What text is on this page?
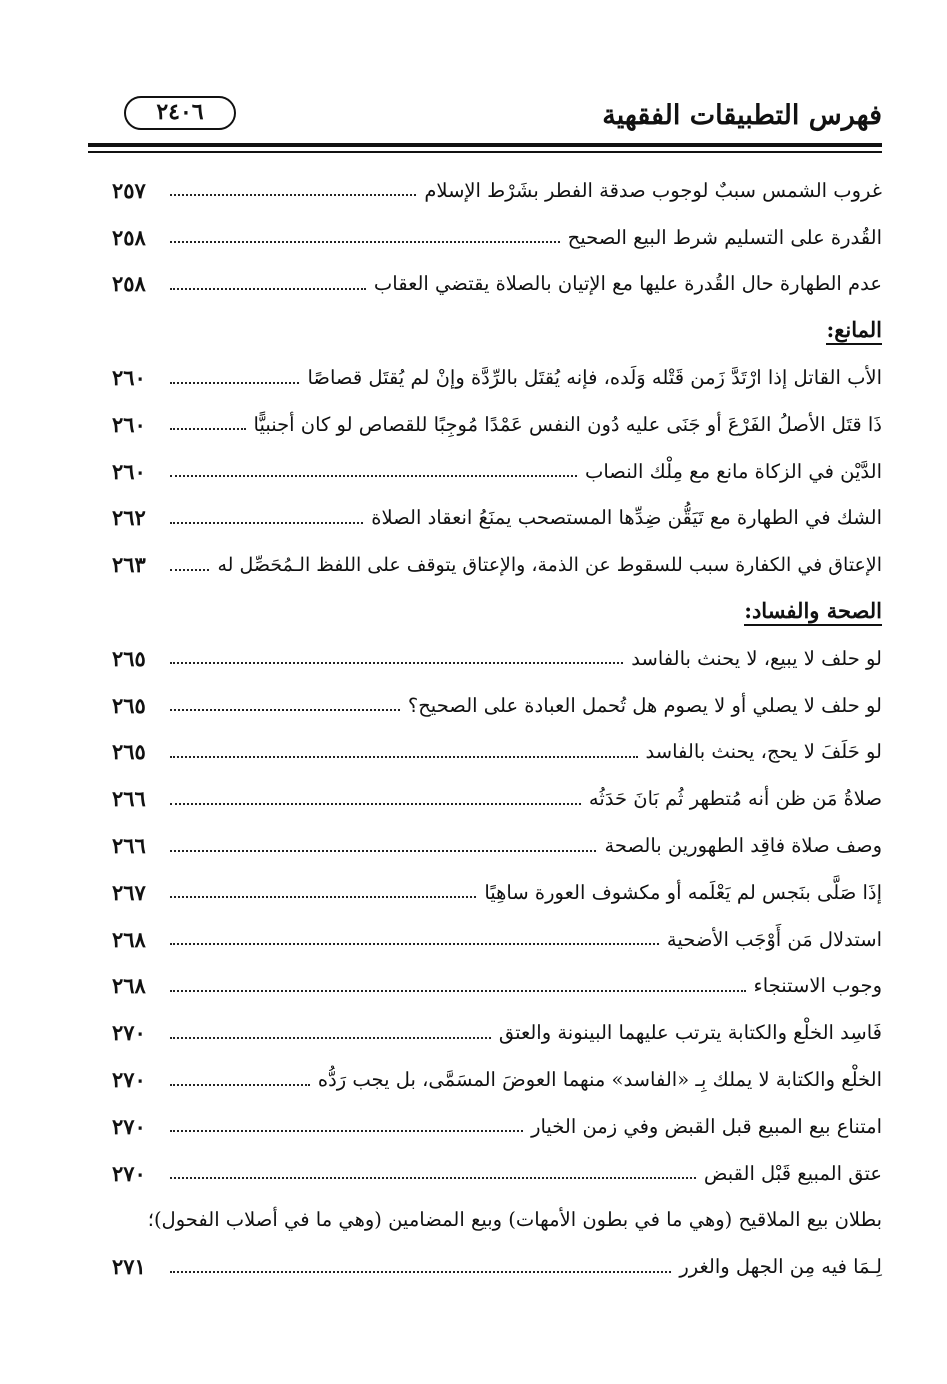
فهرس التطبيقات الفقهية
٢٤٠٦
غروب الشمس سببٌ لوجوب صدقة الفطر بشَرْط الإسلام
٢٥٧
القُدرة على التسليم شرط البيع الصحيح
٢٥٨
عدم الطهارة حال القُدرة عليها مع الإتيان بالصلاة يقتضي العقاب
٢٥٨
المانع:
الأب القاتل إذا ارْتَدَّ زَمن قَتْله وَلَده، فإنه يُقتَل بالرِّدَّة وإنْ لم يُقتَل قصاصًا
٢٦٠
ذَا قتَل الأصلُ الفَرْعَ أو جَنَى عليه دُون النفس عَمْدًا مُوجِبًا للقصاص لو كان أجنبيًّا
٢٦٠
الدَّيْن في الزكاة مانع مع مِلْك النصاب
٢٦٠
الشك في الطهارة مع تَيَقُّن ضِدِّها المستصحب يمنَعُ انعقاد الصلاة
٢٦٢
الإعتاق في الكفارة سبب للسقوط عن الذمة، والإعتاق يتوقف على اللفظ الـمُحَصِّل له
٢٦٣
الصحة والفساد:
لو حلف لا يبيع، لا يحنث بالفاسد
٢٦٥
لو حلف لا يصلي أو لا يصوم هل تُحمل العبادة على الصحيح؟
٢٦٥
لو حَلَفَ لا يحج، يحنث بالفاسد
٢٦٥
صلاةُ مَن ظن أنه مُتطهر ثُم بَانَ حَدَثُه
٢٦٦
وصف صلاة فاقِد الطهورين بالصحة
٢٦٦
إذَا صَلَّى بنَجس لم يَعْلَمه أو مكشوف العورة ساهِيًا
٢٦٧
استدلال مَن أَوْجَب الأضحية
٢٦٨
وجوب الاستنجاء
٢٦٨
فَاسِد الخلْع والكتابة يترتب عليهما البينونة والعتق
٢٧٠
الخلْع والكتابة لا يملك بِـ «الفاسد» منهما العوضَ المسَمَّى، بل يجب رَدُّه
٢٧٠
امتناع بيع المبيع قبل القبض وفي زمن الخيار
٢٧٠
عتق المبيع قَبْل القبض
٢٧٠
بطلان بيع الملاقيح (وهي ما في بطون الأمهات) وبيع المضامين (وهي ما في أصلاب الفحول)؛
لِـمَا فيه مِن الجهل والغرر
٢٧١
